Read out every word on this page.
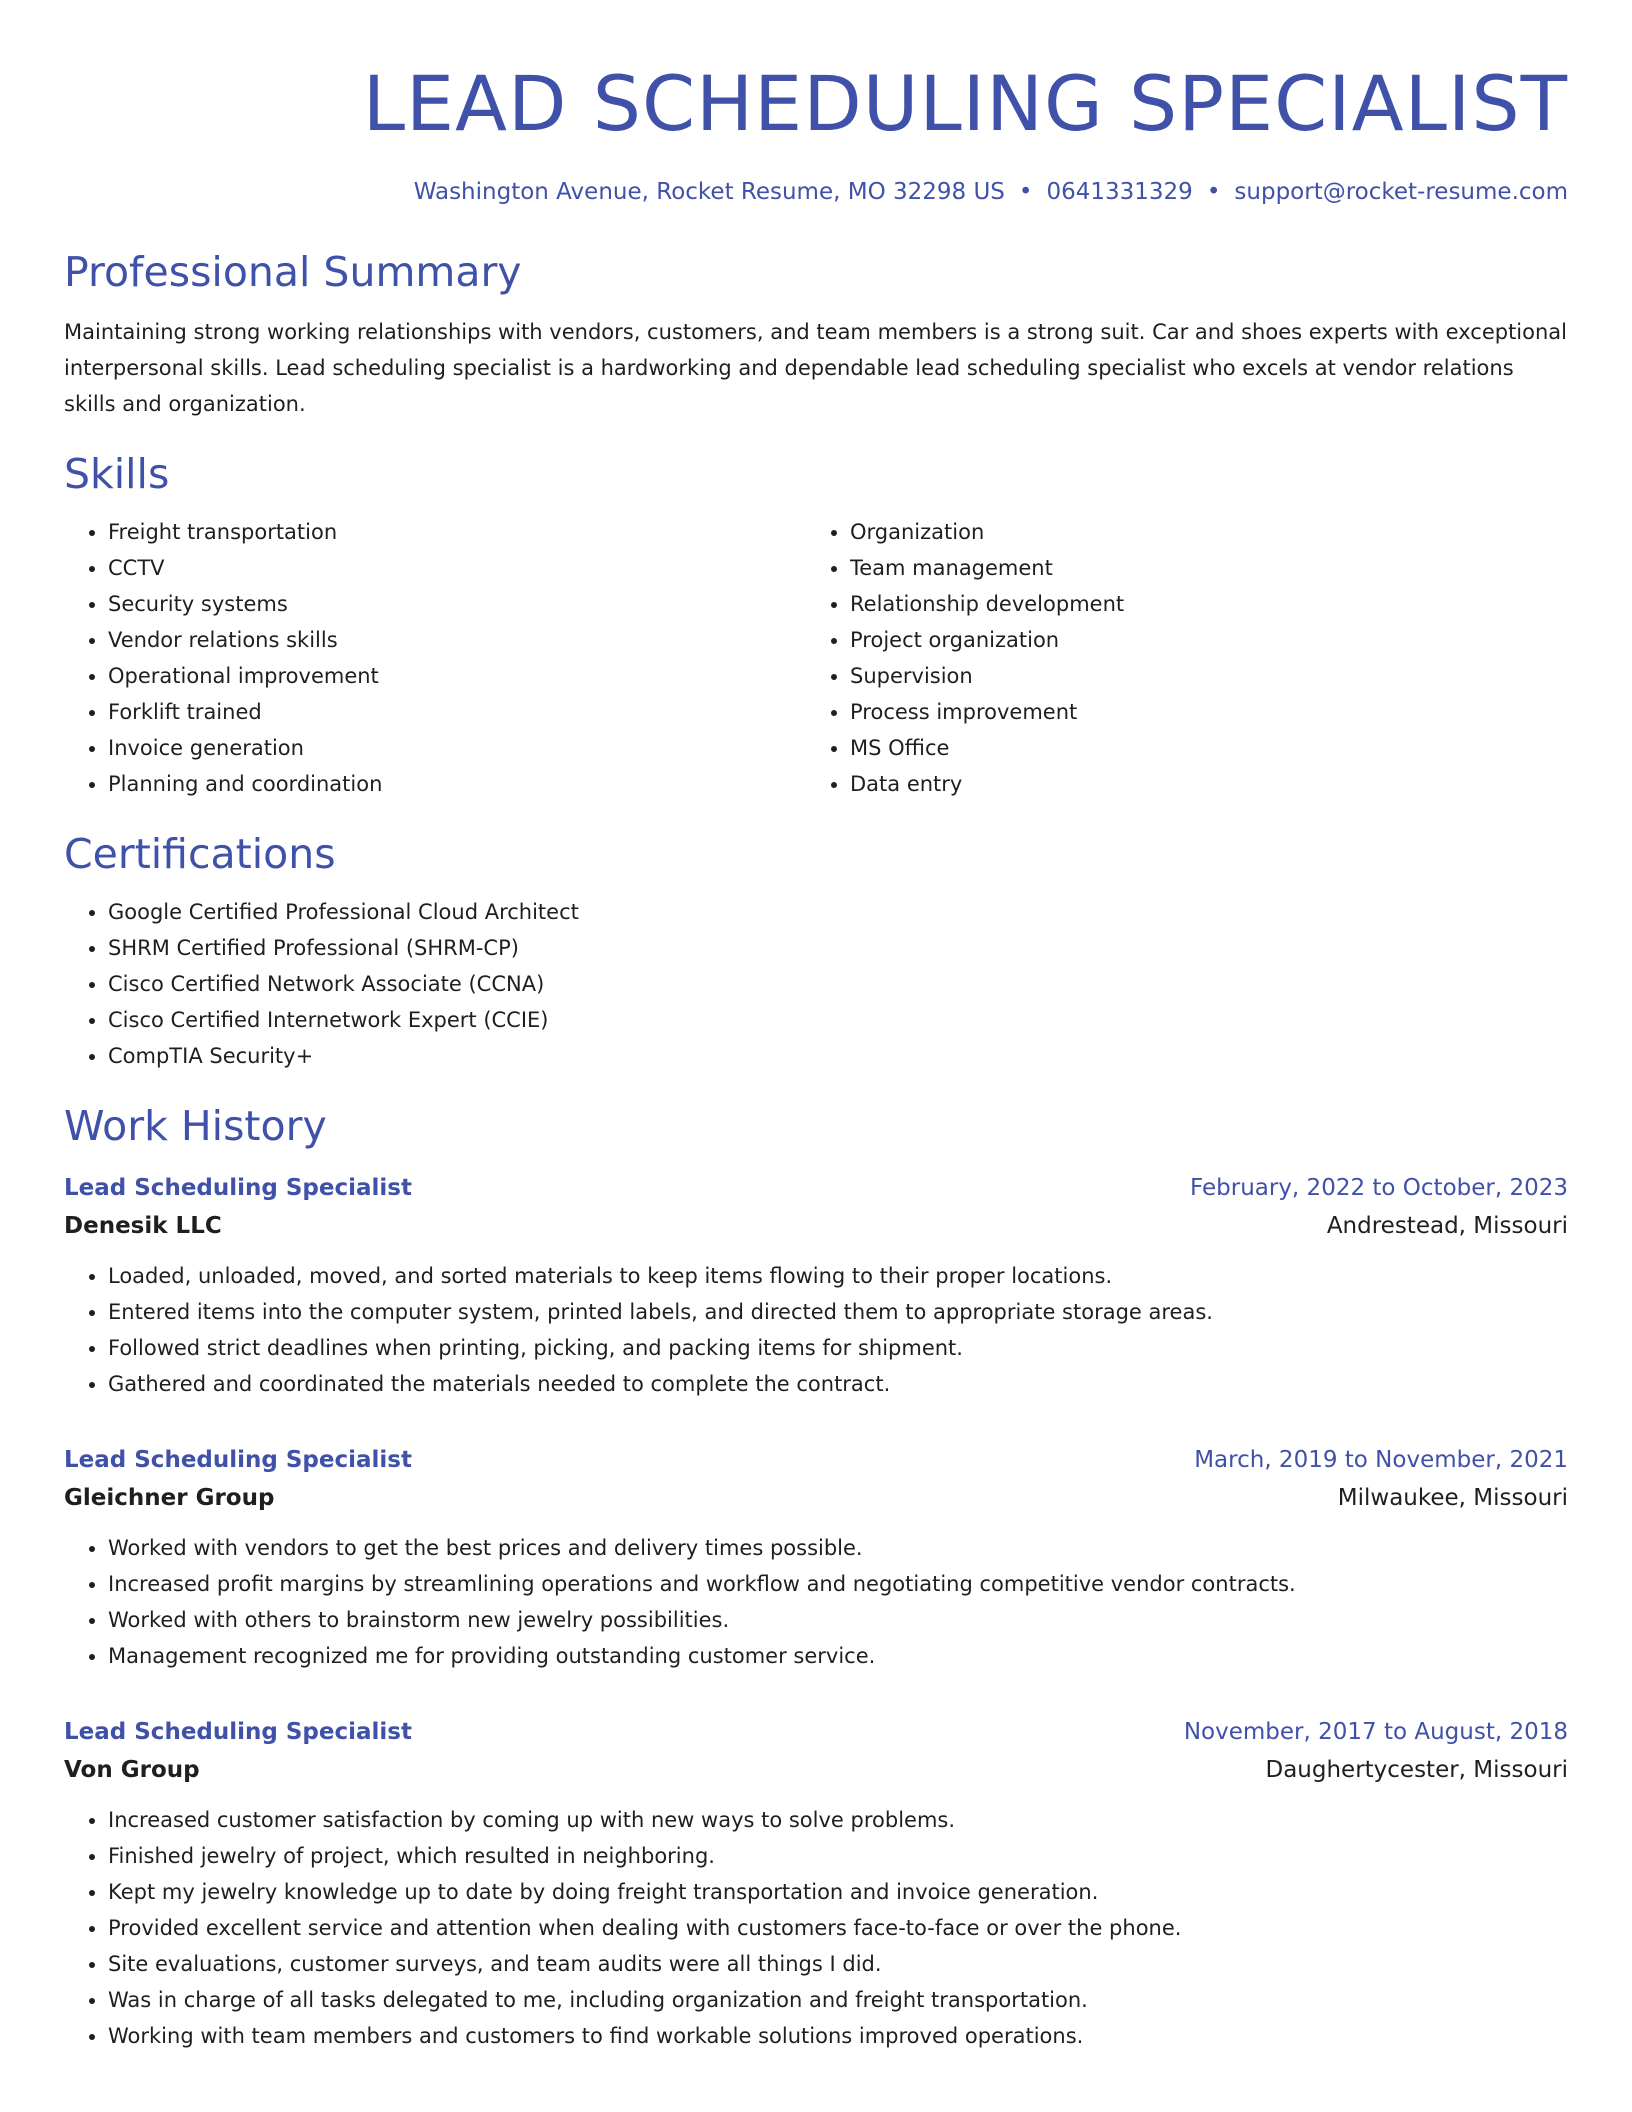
LEAD SCHEDULING SPECIALIST
Washington Avenue, Rocket Resume, MO 32298 US • 0641331329 • support@rocket-resume.com
Professional Summary

Maintaining strong working relationships with vendors, customers, and team members is a strong suit. Car and shoes experts with exceptional interpersonal skills. Lead scheduling specialist is a hardworking and dependable lead scheduling specialist who excels at vendor relations skills and organization.

Skills
• Freight transportation
• CCTV
• Security systems
• Vendor relations skills
• Operational improvement
• Forklift trained
• Invoice generation
• Planning and coordination
• Organization
• Team management
• Relationship development
• Project organization
• Supervision
• Process improvement
• MS Office
• Data entry
Certifications
• Google Certified Professional Cloud Architect
• SHRM Certified Professional (SHRM-CP)
• Cisco Certified Network Associate (CCNA)
• Cisco Certified Internetwork Expert (CCIE)
• CompTIA Security+
Work History
Lead Scheduling Specialist	February, 2022 to October, 2023
Denesik LLC	Andrestead, Missouri
• Loaded, unloaded, moved, and sorted materials to keep items flowing to their proper locations.
• Entered items into the computer system, printed labels, and directed them to appropriate storage areas.
• Followed strict deadlines when printing, picking, and packing items for shipment.
• Gathered and coordinated the materials needed to complete the contract.
Lead Scheduling Specialist	March, 2019 to November, 2021
Gleichner Group	Milwaukee, Missouri
• Worked with vendors to get the best prices and delivery times possible.
• Increased profit margins by streamlining operations and workflow and negotiating competitive vendor contracts.
• Worked with others to brainstorm new jewelry possibilities.
• Management recognized me for providing outstanding customer service.
Lead Scheduling Specialist	November, 2017 to August, 2018
Von Group	Daughertycester, Missouri
• Increased customer satisfaction by coming up with new ways to solve problems.
• Finished jewelry of project, which resulted in neighboring.
• Kept my jewelry knowledge up to date by doing freight transportation and invoice generation.
• Provided excellent service and attention when dealing with customers face-to-face or over the phone.
• Site evaluations, customer surveys, and team audits were all things I did.
• Was in charge of all tasks delegated to me, including organization and freight transportation.
• Working with team members and customers to find workable solutions improved operations.
